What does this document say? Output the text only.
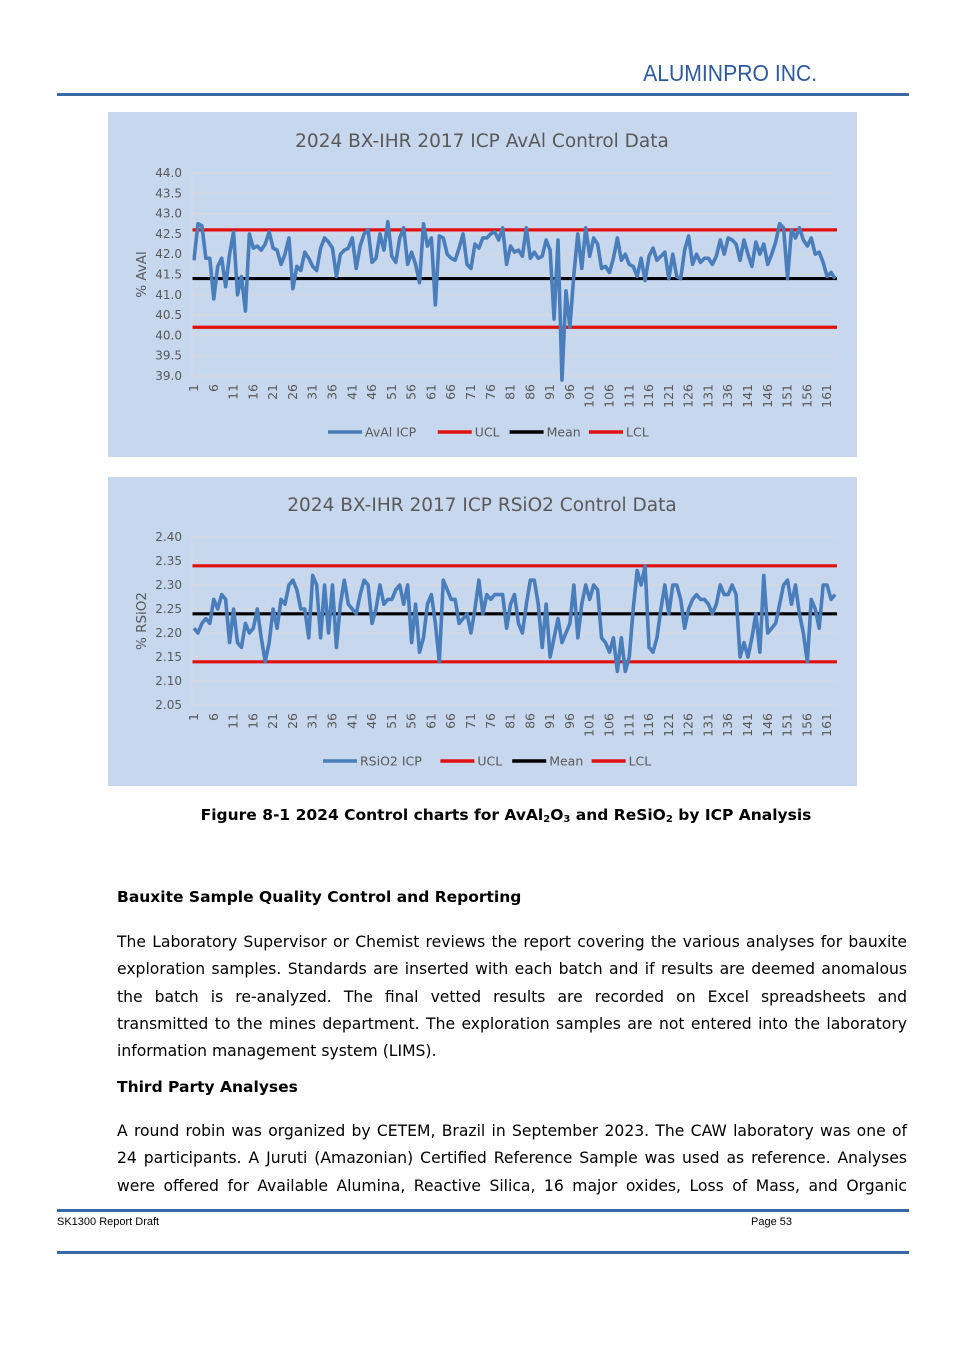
ALUMINPRO INC.
2024 BX-IHR 2017 ICP AvAl Control Data
44.0
43.5
43.0
42.5
42.0
41.5
41.0
40.5
40.0
39.5
39.0
% AvAl
1 6 11 16 21 26 31 36 41 46 51 56 61 66 71 76 81 86 91 96 101 106 111 116 121 126 131 136 141 146 151 156 161
AvAl ICP	UCL	Mean	LCL
2024 BX-IHR 2017 ICP RSiO2 Control Data
2.40
2.35
2.30
2.25
2.20
2.15
2.10
2.05
% RSiO2
1 6 11 16 21 26 31 36 41 46 51 56 61 66 71 76 81 86 91 96 101 106 111 116 121 126 131 136 141 146 151 156 161
RSiO2 ICP	UCL	Mean	LCL
Figure 8-1 2024 Control charts for $AvAl_2O_3$ and ReSiO$_2$ by ICP Analysis
Bauxite Sample Quality Control and Reporting
The Laboratory Supervisor or Chemist reviews the report covering the various analyses for bauxite exploration samples. Standards are inserted with each batch and if results are deemed anomalous the batch is re-analyzed. The final vetted results are recorded on Excel spreadsheets and transmitted to the mines department. The exploration samples are not entered into the laboratory information management system (LIMS).
Third Party Analyses
A round robin was organized by CETEM, Brazil in September 2023. The CAW laboratory was one of 24 participants. A Juruti (Amazonian) Certified Reference Sample was used as reference. Analyses were offered for Available Alumina, Reactive Silica, 16 major oxides, Loss of Mass, and Organic
SK1300 Report Draft	Page 53
